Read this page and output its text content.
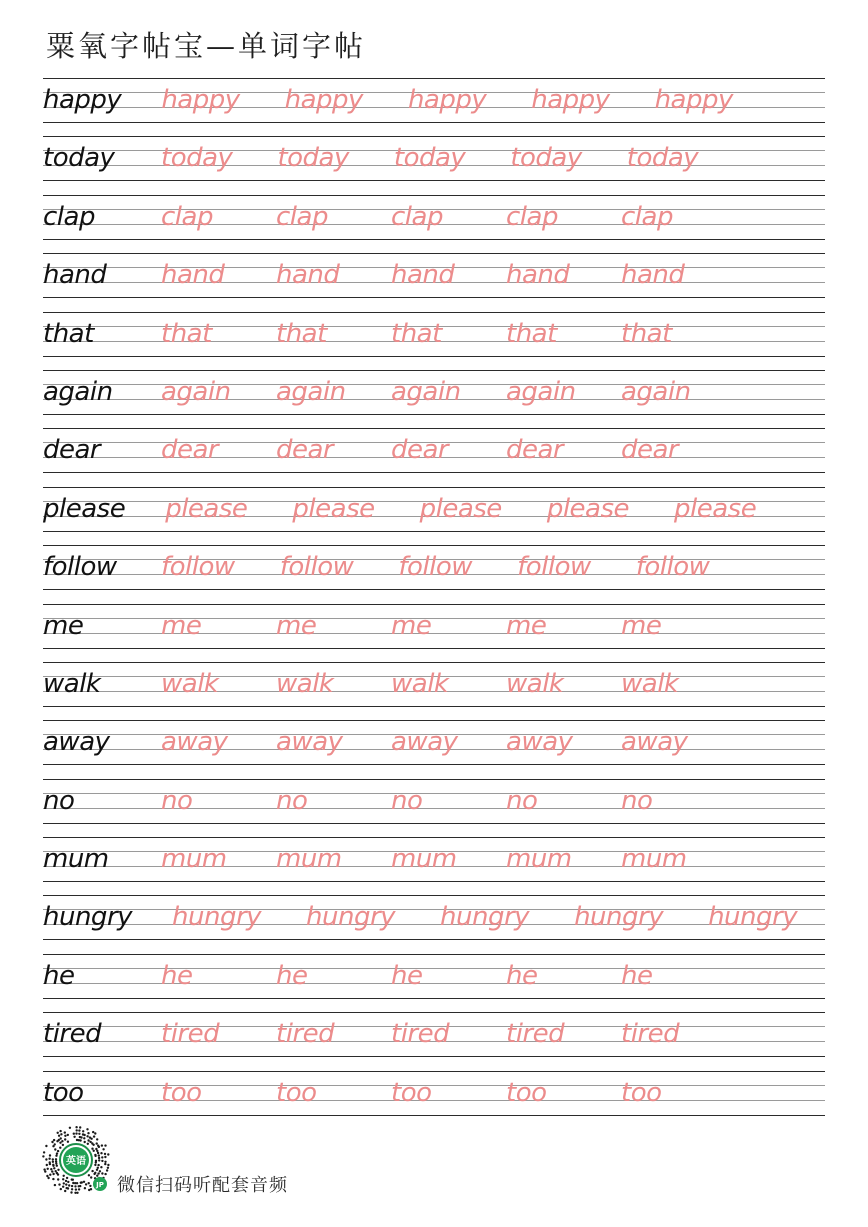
粟氧字帖宝—单词字帖
happy happy happy happy happy happy
today today today today today today
clap	clap clap clap clap clap
hand hand hand hand hand hand
that	that that that that that
again again again again again again
dear dear dear dear dear dear
please please please please please please
follow follow follow follow follow follow
me	me	me	me	me	me
walk walk walk walk walk walk
away away away away away away
no	no	no	no	no	no
mum mum mum mum mum mum
hungry hungry hungry hungry hungry hungry
he	he	he	he	he	he
tired tired tired tired tired tired
too	too	too	too	too	too
英语
JP 微信扫码听配套音频
